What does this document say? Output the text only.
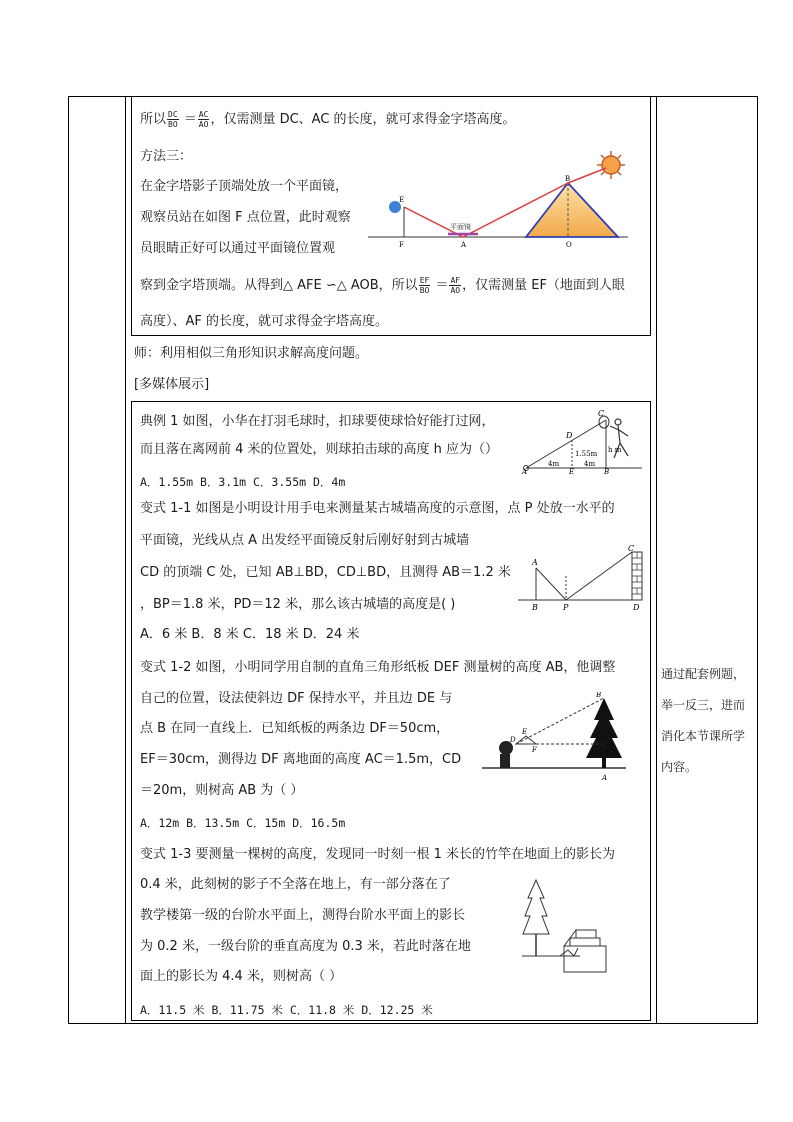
所以 $\frac{DC}{BO} = \frac{AC}{AO}$ ，仅需测量 DC、AC 的长度，就可求得金字塔高度。
方法三：
在金字塔影子顶端处放一个平面镜，
观察员站在如图 F 点位置，此时观察
员眼睛正好可以通过平面镜位置观
察到金字塔顶端。从得到△ AFE ∽△ AOB，所以 $\frac{EF}{BO} = \frac{AF}{AO}$ ，仅需测量 EF（地面到人眼
高度）、AF 的长度，就可求得金字塔高度。
平面镜
E
F	A
B
O
师：利用相似三角形知识求解高度问题。
[多媒体展示]
典例 1 如图，小华在打羽毛球时，扣球要使球恰好能打过网，
而且落在离网前 4 米的位置处，则球拍击球的高度 h 应为（）
A．1.55m B．3.1m C．3.55m D．4m
C
D
A	E	B
1.55m
4m	4m
h m
变式 1-1 如图是小明设计用手电来测量某古城墙高度的示意图，点 P 处放一水平的
平面镜，光线从点 A 出发经平面镜反射后刚好射到古城墙
CD 的顶端 C 处，已知 AB⊥BD，CD⊥BD，且测得 AB＝1.2 米
，BP＝1.8 米，PD＝12 米，那么该古城墙的高度是( )
A．6 米 B．8 米 C．18 米 D．24 米
A
B	P
C
D
变式 1-2 如图，小明同学用自制的直角三角形纸板 DEF 测量树的高度 AB，他调整
自己的位置，设法使斜边 DF 保持水平，并且边 DE 与
点 B 在同一直线上．已知纸板的两条边 DF＝50cm，
EF＝30cm，测得边 DF 离地面的高度 AC＝1.5m，CD
＝20m，则树高 AB 为（ ）
A．12m B．13.5m C．15m D．16.5m
B
E
D
F	C
A
变式 1-3 要测量一棵树的高度，发现同一时刻一根 1 米长的竹竿在地面上的影长为
0.4 米，此刻树的影子不全落在地上，有一部分落在了
教学楼第一级的台阶水平面上，测得台阶水平面上的影长
为 0.2 米，一级台阶的垂直高度为 0.3 米，若此时落在地
面上的影长为 4.4 米，则树高（ ）
A．11.5 米 B．11.75 米 C．11.8 米 D．12.25 米
通过配套例题，
举一反三，进而
消化本节课所学
内容。
